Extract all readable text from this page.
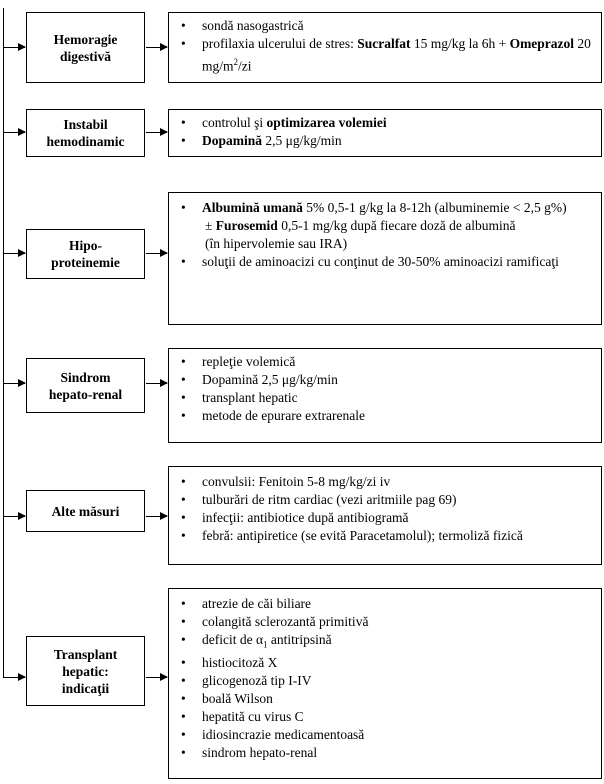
Hemoragie
digestivă
• sondă nasogastrică
• profilaxia ulcerului de stres: Sucralfat 15 mg/kg la 6h + Omeprazol 20 $mg/m^2/zi$
Instabil
hemodinamic
• controlul şi optimizarea volemiei
• Dopamină 2,5 μg/kg/min
Hipo-
proteinemie
• Albumină umană 5% 0,5-1 g/kg la 8-12h (albuminemie < 2,5 g%)
± Furosemid 0,5-1 mg/kg după fiecare doză de albumină
(în hipervolemie sau IRA)
• soluţii de aminoacizi cu conţinut de 30-50% aminoacizi ramificaţi
Sindrom
hepato-renal
• repleţie volemică
• Dopamină 2,5 μg/kg/min
• transplant hepatic
• metode de epurare extrarenale
Alte măsuri
• convulsii: Fenitoin 5-8 mg/kg/zi iv
• tulburări de ritm cardiac (vezi aritmiile pag 69)
• infecţii: antibiotice după antibiogramă
• febră: antipiretice (se evită Paracetamolul); termoliză fizică
Transplant
hepatic:
indicaţii
• atrezie de căi biliare
• colangită sclerozantă primitivă
• deficit de $\alpha_1$ antitripsină
• histiocitoză X
• glicogenoză tip I-IV
• boală Wilson
• hepatită cu virus C
• idiosincrazie medicamentoasă
• sindrom hepato-renal
